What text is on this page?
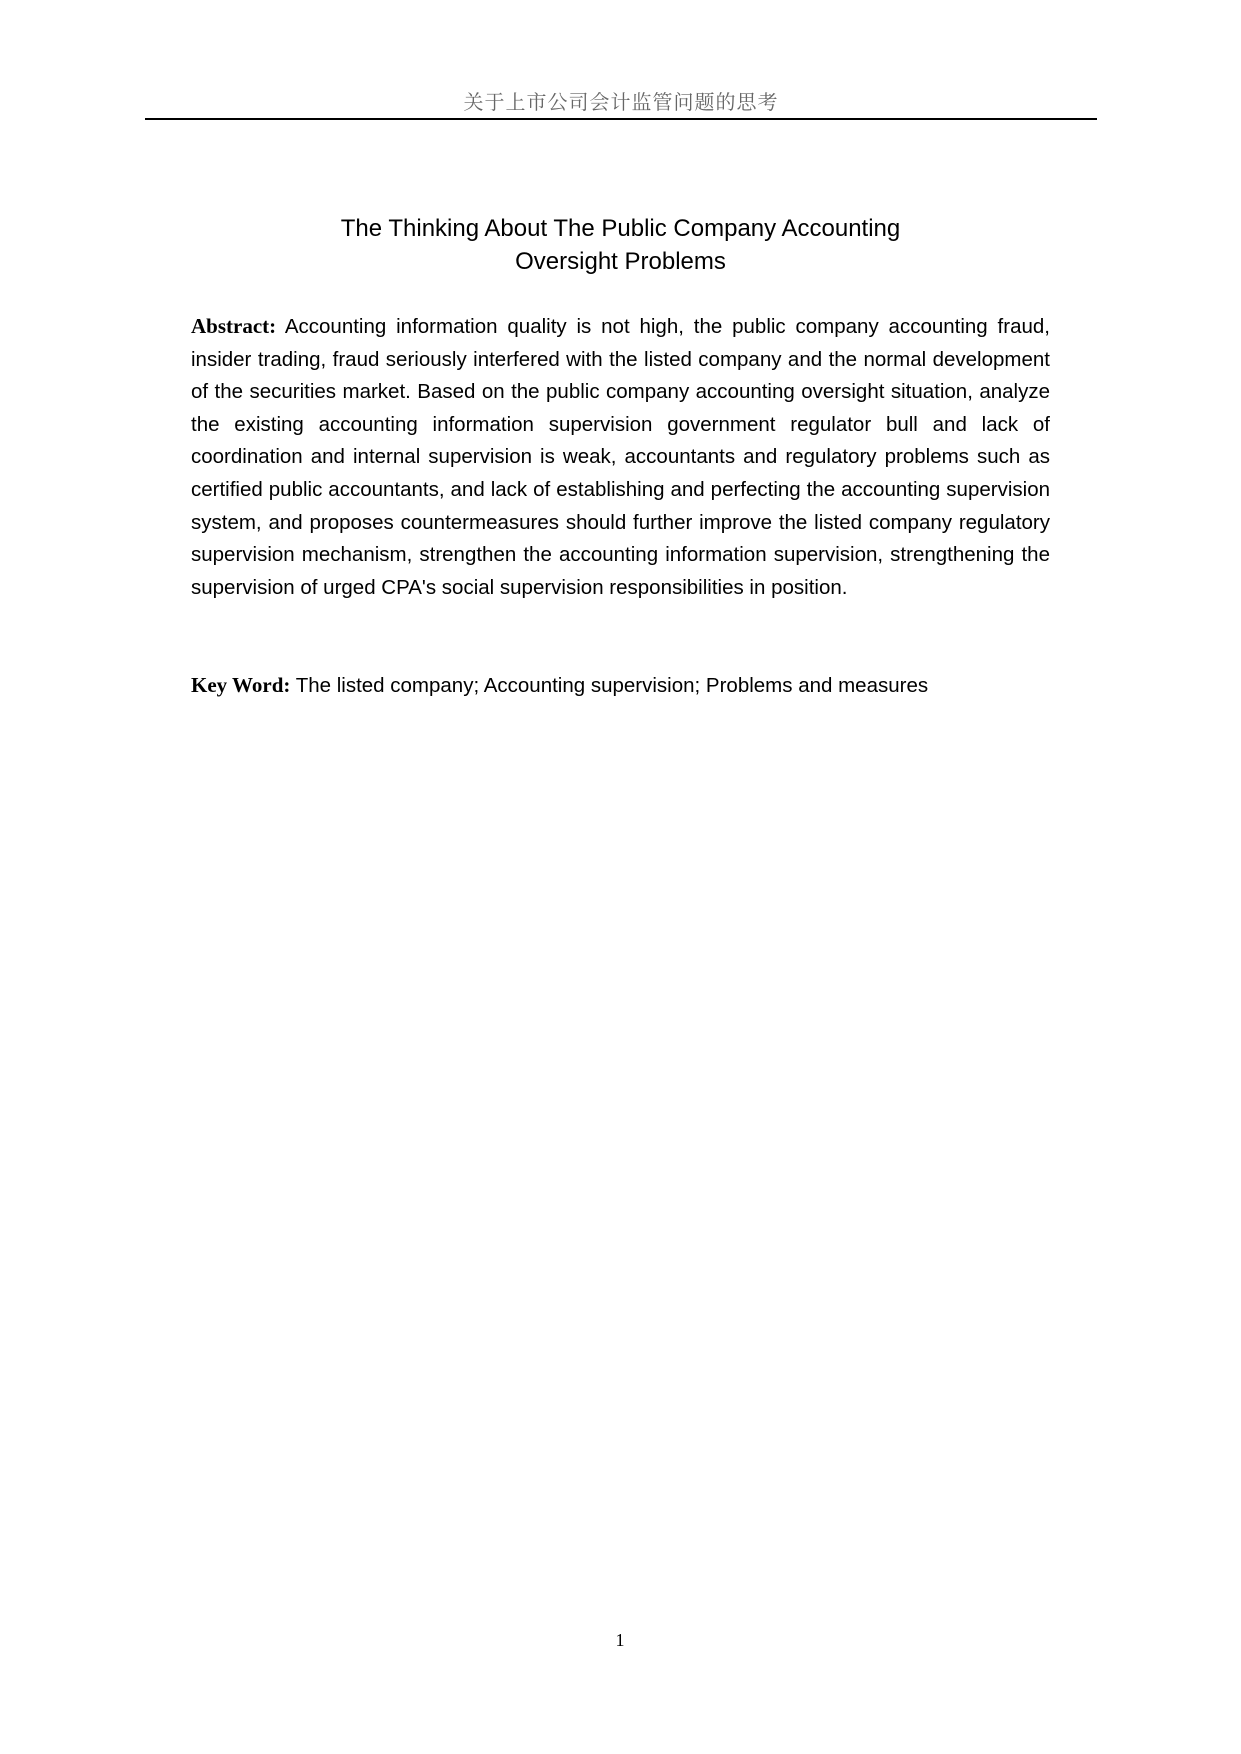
关于上市公司会计监管问题的思考
The Thinking About The Public Company Accounting
Oversight Problems

Abstract: Accounting information quality is not high, the public company accounting fraud, insider trading, fraud seriously interfered with the listed company and the normal development of the securities market. Based on the public company accounting oversight situation, analyze the existing accounting information supervision government regulator bull and lack of coordination and internal supervision is weak, accountants and regulatory problems such as certified public accountants, and lack of establishing and perfecting the accounting supervision system, and proposes countermeasures should further improve the listed company regulatory supervision mechanism, strengthen the accounting information supervision, strengthening the supervision of urged CPA's social supervision responsibilities in position.

Key Word: The listed company; Accounting supervision; Problems and measures

1
